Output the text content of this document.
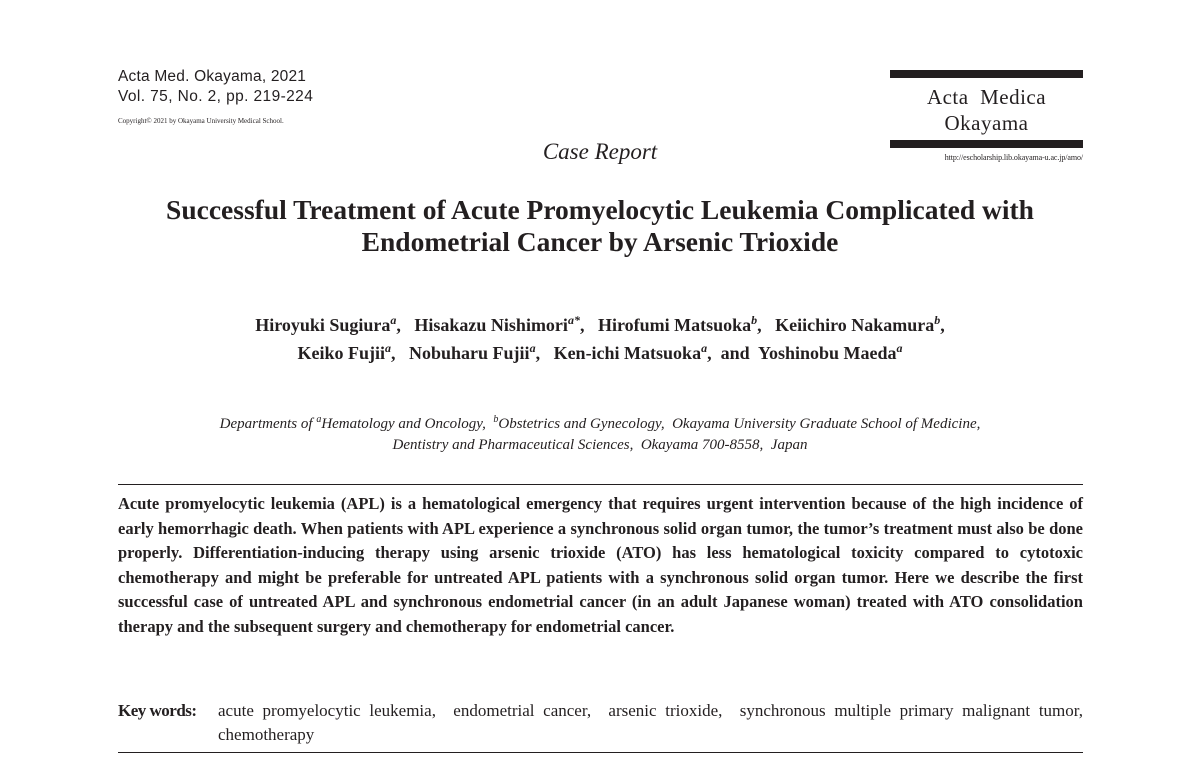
Acta Med. Okayama, 2021
Vol. 75, No. 2, pp. 219-224
Copyright© 2021 by Okayama University Medical School.
Acta  Medica
Okayama
http://escholarship.lib.okayama-u.ac.jp/amo/
Case Report
Successful Treatment of Acute Promyelocytic Leukemia Complicated with
Endometrial Cancer by Arsenic Trioxide
Hiroyuki Sugiura$^a$,   Hisakazu Nishimori$^{a*}$,   Hirofumi Matsuoka$^b$,   Keiichiro Nakamura$^b$,
Keiko Fujii$^a$,   Nobuharu Fujii$^a$,   Ken-ichi Matsuoka$^a$,  and  Yoshinobu Maeda$^a$
Departments of $^a$Hematology and Oncology,  $^b$Obstetrics and Gynecology,  Okayama University Graduate School of Medicine,
Dentistry and Pharmaceutical Sciences,  Okayama 700-8558,  Japan
Acute promyelocytic leukemia (APL) is a hematological emergency that requires urgent intervention because of the high incidence of early hemorrhagic death. When patients with APL experience a synchronous solid organ tumor, the tumor’s treatment must also be done properly. Differentiation-inducing therapy using arsenic trioxide (ATO) has less hematological toxicity compared to cytotoxic chemotherapy and might be preferable for untreated APL patients with a synchronous solid organ tumor. Here we describe the first successful case of untreated APL and synchronous endometrial cancer (in an adult Japanese woman) treated with ATO consolidation therapy and the subsequent surgery and chemotherapy for endometrial cancer.
Key words:	acute promyelocytic leukemia,  endometrial cancer,  arsenic trioxide,  synchronous multiple primary malignant tumor,  chemotherapy
